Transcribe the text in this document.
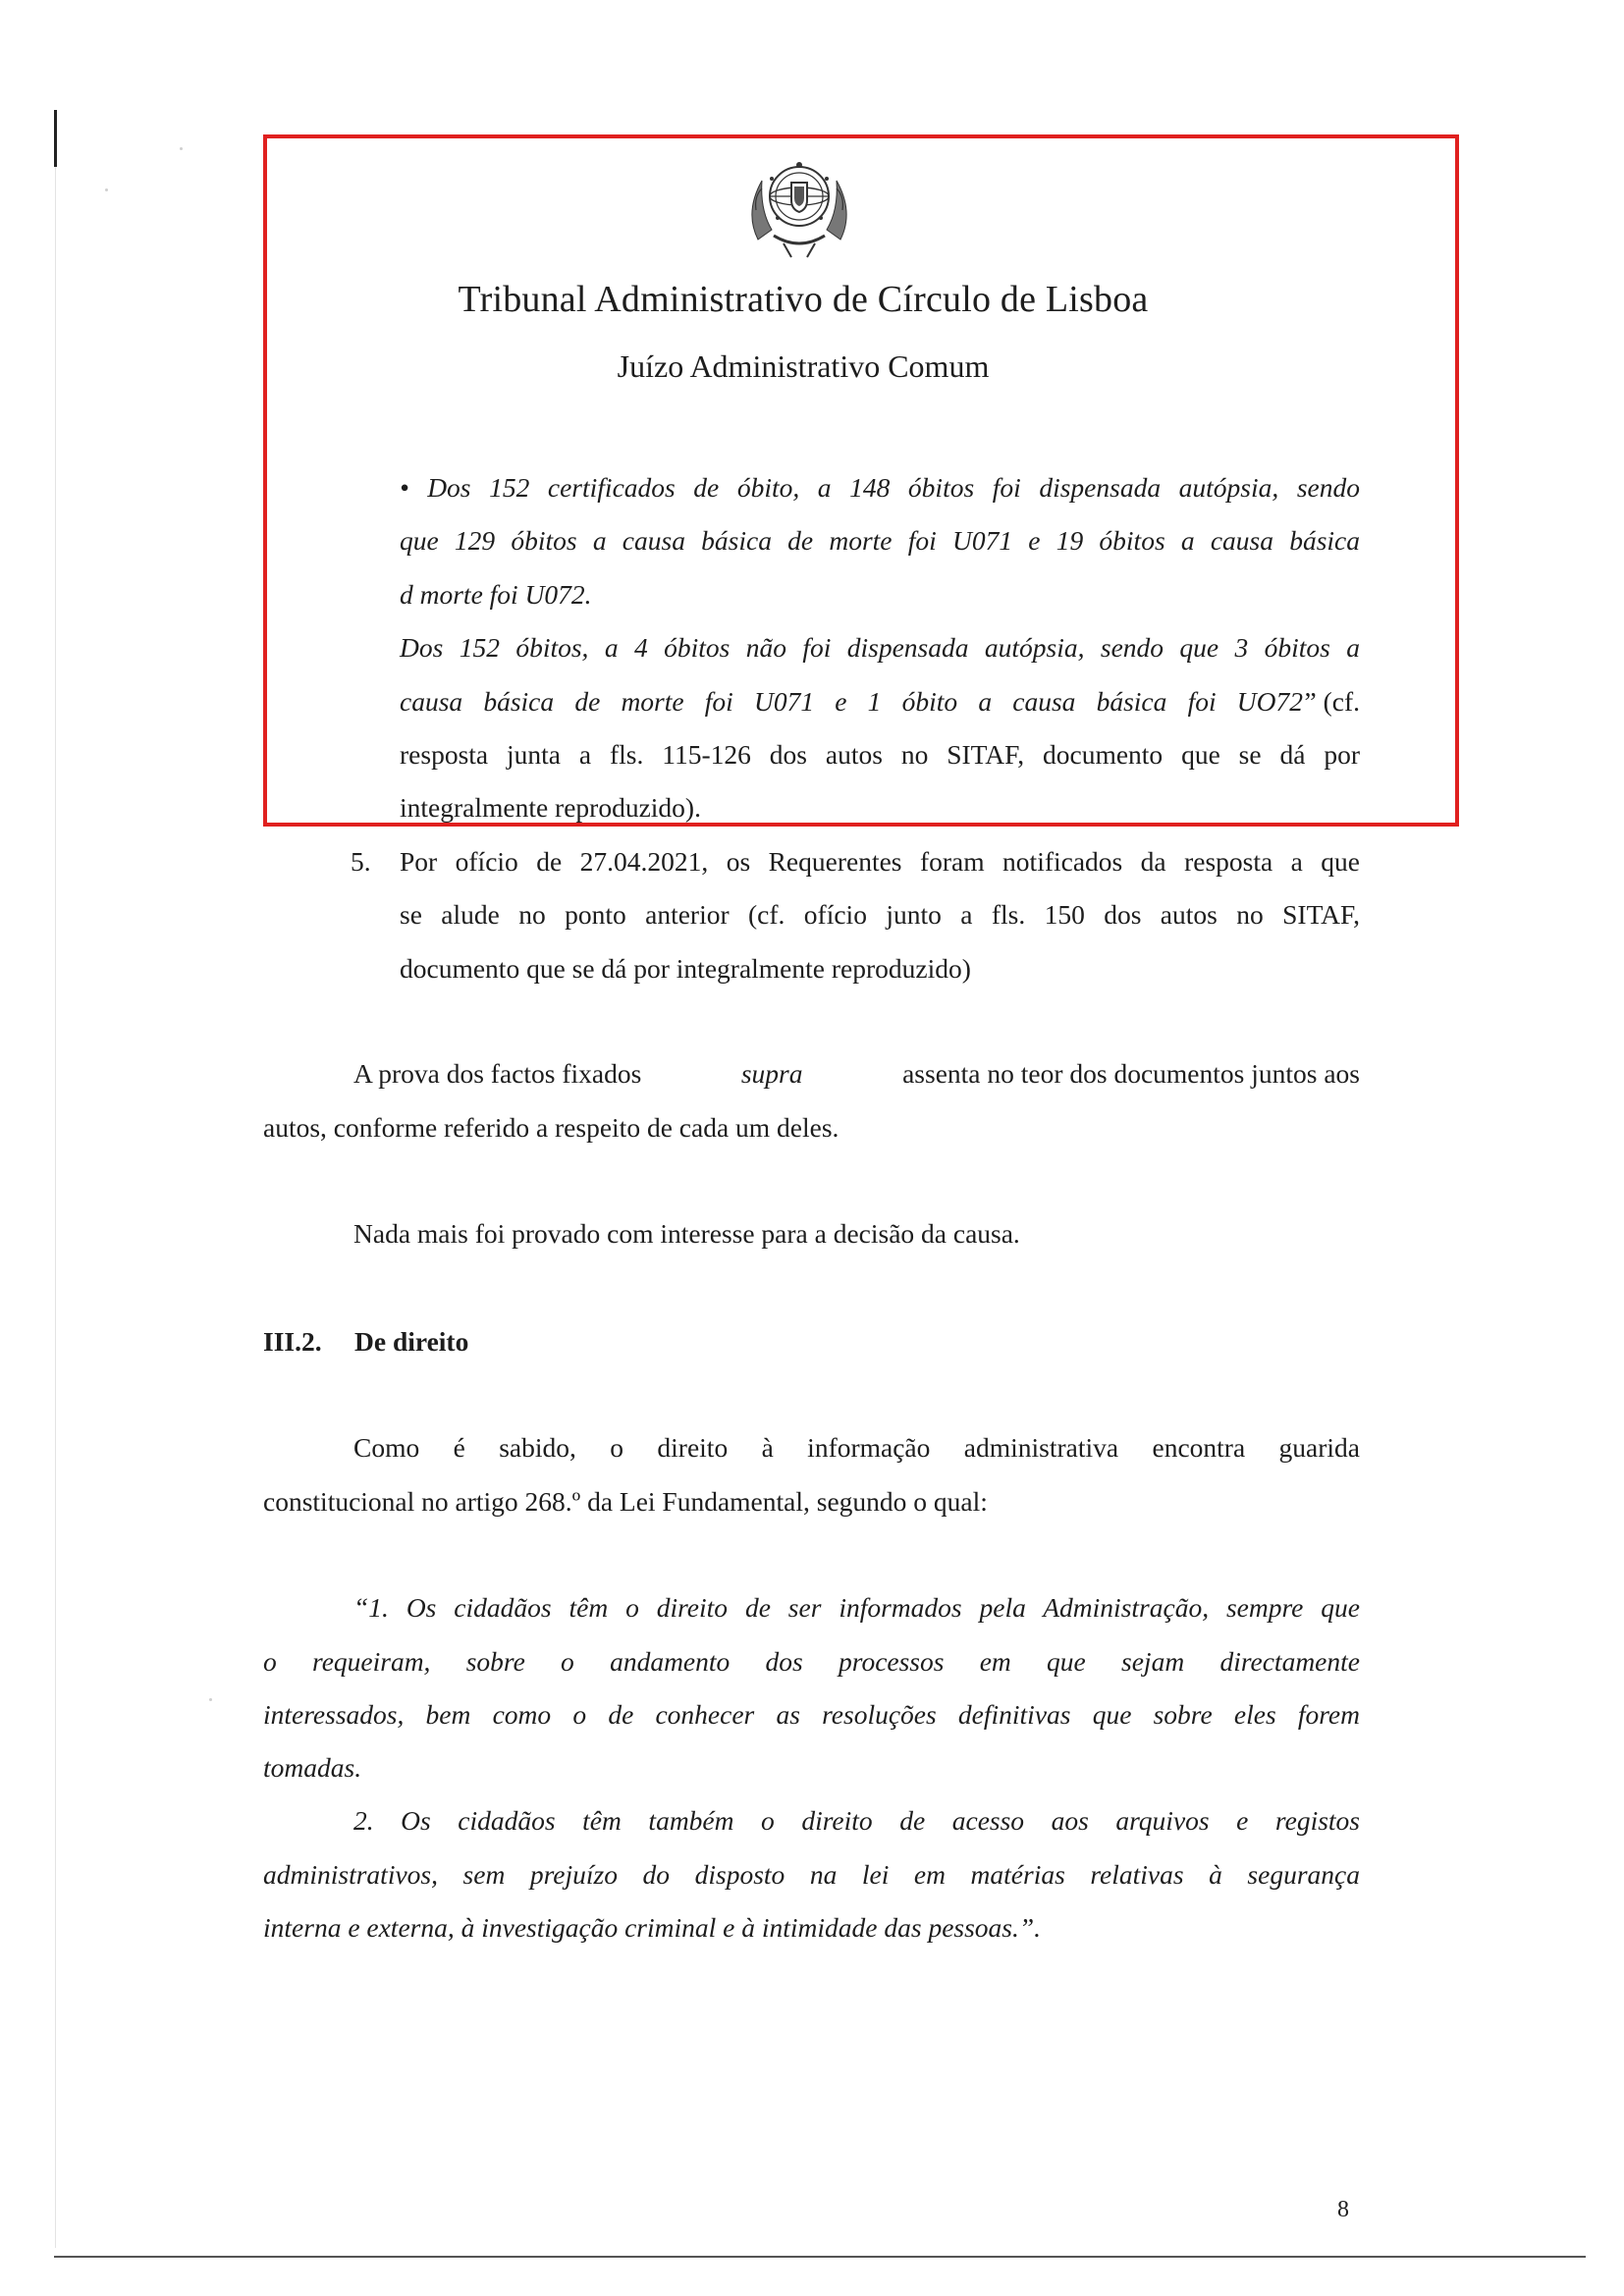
Tribunal Administrativo de Círculo de Lisboa
Juízo Administrativo Comum
• Dos 152 certificados de óbito, a 148 óbitos foi dispensada autópsia, sendo
que 129 óbitos a causa básica de morte foi U071 e 19 óbitos a causa básica
d morte foi U072.
Dos 152 óbitos, a 4 óbitos não foi dispensada autópsia, sendo que 3 óbitos a
causa básica de morte foi U071 e 1 óbito a causa básica foi UO72 ” (cf.
resposta junta a fls. 115-126 dos autos no SITAF, documento que se dá por
integralmente reproduzido).
5. Por ofício de 27.04.2021, os Requerentes foram notificados da resposta a que
se alude no ponto anterior (cf. ofício junto a fls. 150 dos autos no SITAF,
documento que se dá por integralmente reproduzido)
A prova dos factos fixados	supra	assenta no teor dos documentos juntos aos
autos, conforme referido a respeito de cada um deles.
Nada mais foi provado com interesse para a decisão da causa.
III.2. De direito
Como é sabido, o direito à informação administrativa encontra guarida
constitucional no artigo 268.º da Lei Fundamental, segundo o qual:
“1. Os cidadãos têm o direito de ser informados pela Administração, sempre que
o requeiram, sobre o andamento dos processos em que sejam directamente
interessados, bem como o de conhecer as resoluções definitivas que sobre eles forem
tomadas.
2. Os cidadãos têm também o direito de acesso aos arquivos e registos
administrativos, sem prejuízo do disposto na lei em matérias relativas à segurança
interna e externa, à investigação criminal e à intimidade das pessoas.”.
8
